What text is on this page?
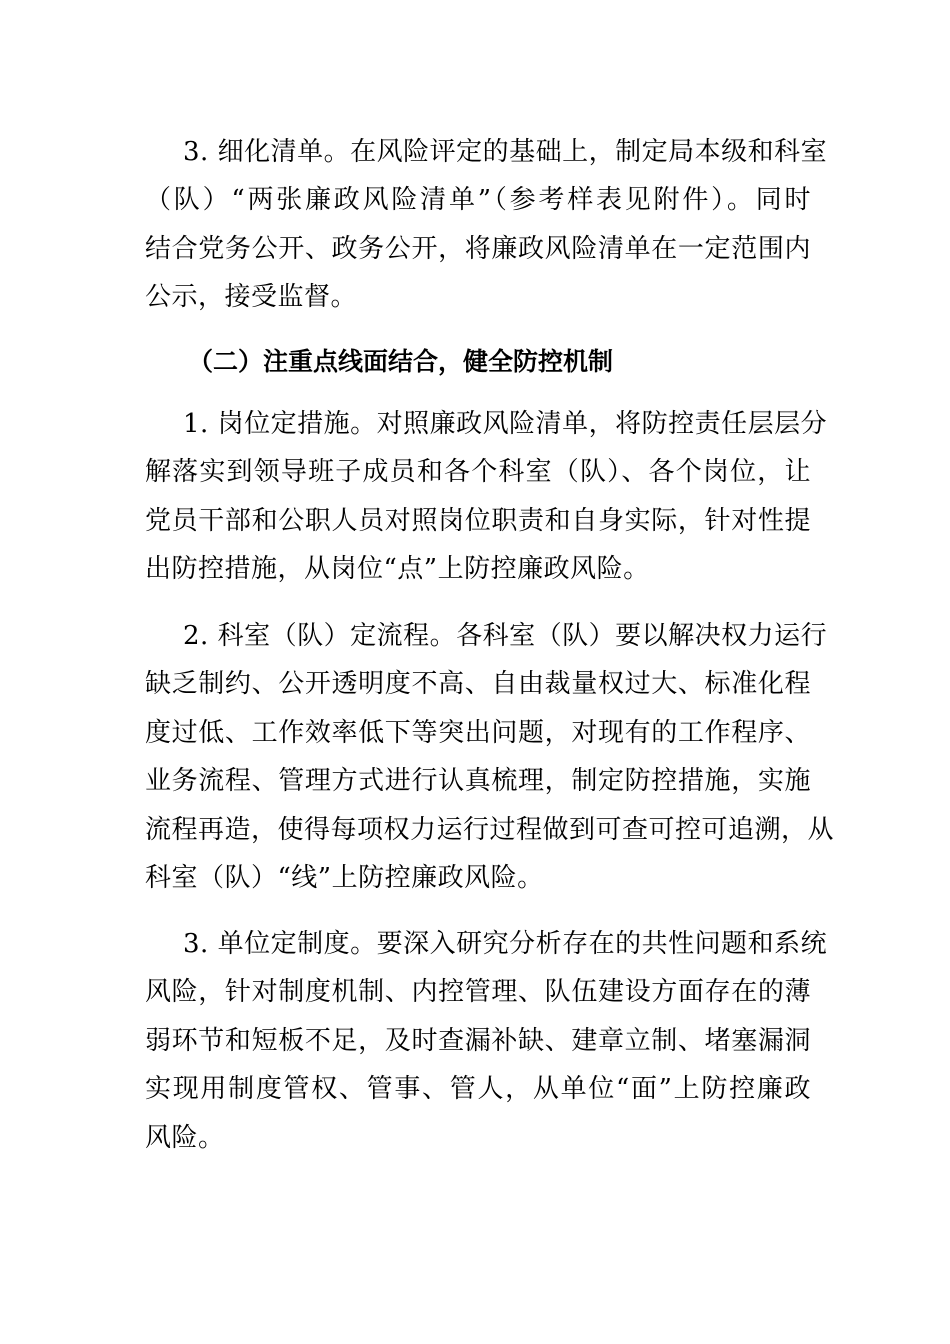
3. 细化清单。在风险评定的基础上，制定局本级和科室
（队）“两张廉政风险清单”（参考样表见附件）。同时
结合党务公开、政务公开，将廉政风险清单在一定范围内
公示，接受监督。

（二）注重点线面结合，健全防控机制

1. 岗位定措施。对照廉政风险清单，将防控责任层层分
解落实到领导班子成员和各个科室（队）、各个岗位，让
党员干部和公职人员对照岗位职责和自身实际，针对性提
出防控措施，从岗位“点”上防控廉政风险。

2. 科室（队）定流程。各科室（队）要以解决权力运行
缺乏制约、公开透明度不高、自由裁量权过大、标准化程
度过低、工作效率低下等突出问题，对现有的工作程序、
业务流程、管理方式进行认真梳理，制定防控措施，实施
流程再造，使得每项权力运行过程做到可查可控可追溯，从
科室（队）“线”上防控廉政风险。

3. 单位定制度。要深入研究分析存在的共性问题和系统
风险，针对制度机制、内控管理、队伍建设方面存在的薄
弱环节和短板不足，及时查漏补缺、建章立制、堵塞漏洞
实现用制度管权、管事、管人，从单位“面”上防控廉政
风险。
